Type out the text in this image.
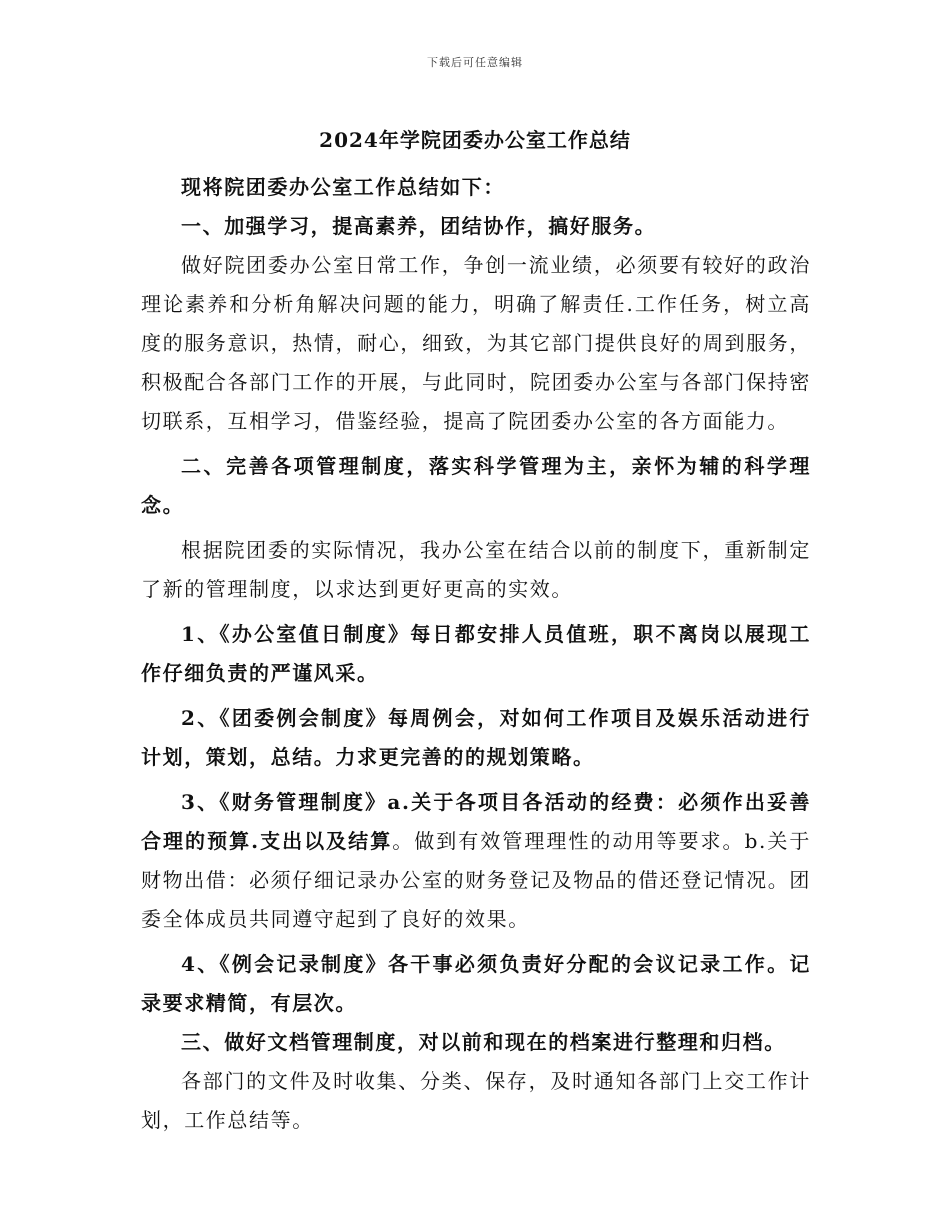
下载后可任意编辑
2024年学院团委办公室工作总结

现将院团委办公室工作总结如下：

一、加强学习，提高素养，团结协作，搞好服务。

做好院团委办公室日常工作，争创一流业绩，必须要有较好的政治理论素养和分析角解决问题的能力，明确了解责任.工作任务，树立高度的服务意识，热情，耐心，细致，为其它部门提供良好的周到服务，积极配合各部门工作的开展，与此同时，院团委办公室与各部门保持密切联系，互相学习，借鉴经验，提高了院团委办公室的各方面能力。

二、完善各项管理制度，落实科学管理为主，亲怀为辅的科学理念。

根据院团委的实际情况，我办公室在结合以前的制度下，重新制定了新的管理制度，以求达到更好更高的实效。

1、《办公室值日制度》每日都安排人员值班，职不离岗以展现工作仔细负责的严谨风采。

2、《团委例会制度》每周例会，对如何工作项目及娱乐活动进行计划，策划，总结。力求更完善的的规划策略。

3、《财务管理制度》a.关于各项目各活动的经费：必须作出妥善合理的预算.支出以及结算。做到有效管理理性的动用等要求。b.关于财物出借：必须仔细记录办公室的财务登记及物品的借还登记情况。团委全体成员共同遵守起到了良好的效果。

4、《例会记录制度》各干事必须负责好分配的会议记录工作。记录要求精简，有层次。

三、做好文档管理制度，对以前和现在的档案进行整理和归档。

各部门的文件及时收集、分类、保存，及时通知各部门上交工作计划，工作总结等。
